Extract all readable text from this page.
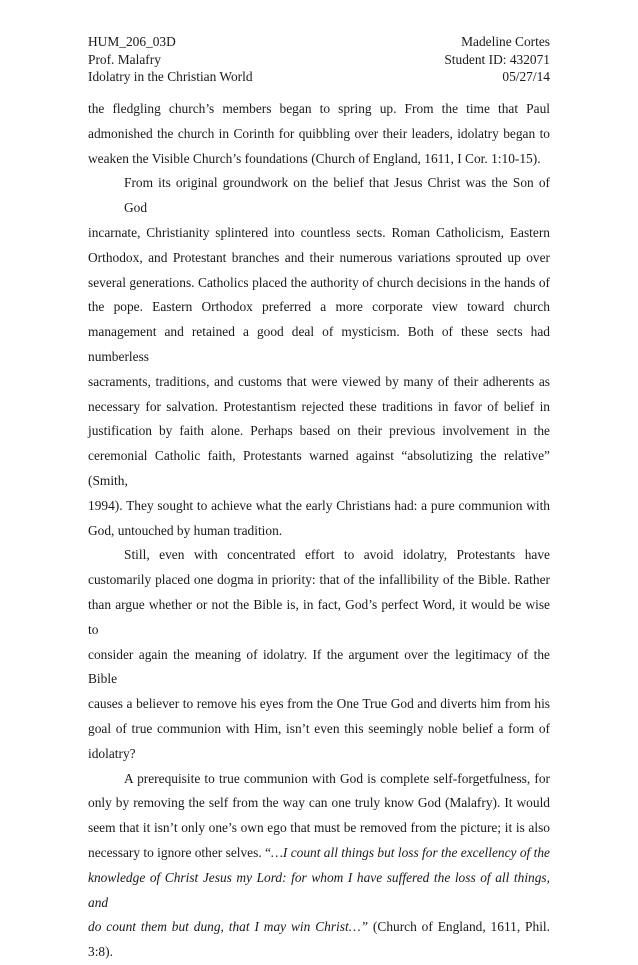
HUM_206_03D	Madeline Cortes
Prof. Malafry	Student ID: 432071
Idolatry in the Christian World	05/27/14
the fledgling church’s members began to spring up. From the time that Paul
admonished the church in Corinth for quibbling over their leaders, idolatry began to
weaken the Visible Church’s foundations (Church of England, 1611, I Cor. 1:10-15).
From its original groundwork on the belief that Jesus Christ was the Son of God
incarnate, Christianity splintered into countless sects. Roman Catholicism, Eastern
Orthodox, and Protestant branches and their numerous variations sprouted up over
several generations. Catholics placed the authority of church decisions in the hands of
the pope. Eastern Orthodox preferred a more corporate view toward church
management and retained a good deal of mysticism. Both of these sects had numberless
sacraments, traditions, and customs that were viewed by many of their adherents as
necessary for salvation. Protestantism rejected these traditions in favor of belief in
justification by faith alone. Perhaps based on their previous involvement in the
ceremonial Catholic faith, Protestants warned against “absolutizing the relative” (Smith,
1994). They sought to achieve what the early Christians had: a pure communion with
God, untouched by human tradition.
Still, even with concentrated effort to avoid idolatry, Protestants have
customarily placed one dogma in priority: that of the infallibility of the Bible. Rather
than argue whether or not the Bible is, in fact, God’s perfect Word, it would be wise to
consider again the meaning of idolatry. If the argument over the legitimacy of the Bible
causes a believer to remove his eyes from the One True God and diverts him from his
goal of true communion with Him, isn’t even this seemingly noble belief a form of
idolatry?
A prerequisite to true communion with God is complete self-forgetfulness, for
only by removing the self from the way can one truly know God (Malafry). It would
seem that it isn’t only one’s own ego that must be removed from the picture; it is also
necessary to ignore other selves. “…I count all things but loss for the excellency of the
knowledge of Christ Jesus my Lord: for whom I have suffered the loss of all things, and
do count them but dung, that I may win Christ…” (Church of England, 1611, Phil. 3:8).
